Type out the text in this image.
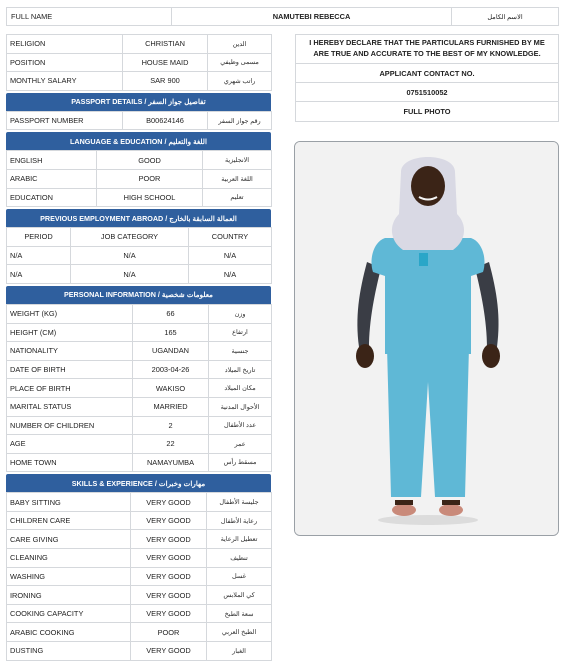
FULL NAME	NAMUTEBI REBECCA	الاسم الكامل
RELIGION	CHRISTIAN	الدين
POSITION	HOUSE MAID	مسمى وظيفي
MONTHLY SALARY	SAR 900	راتب شهري
PASSPORT DETAILS / تفاصيل جواز السفر
PASSPORT NUMBER	B00624146	رقم جواز السفر
LANGUAGE & EDUCATION / اللغة والتعليم
ENGLISH	GOOD	الانجليزية
ARABIC	POOR	اللغة العربية
EDUCATION	HIGH SCHOOL	تعليم
PREVIOUS EMPLOYMENT ABROAD / العمالة السابقة بالخارج
PERIOD	JOB CATEGORY	COUNTRY
N/A	N/A	N/A
N/A	N/A	N/A
PERSONAL INFORMATION / معلومات شخصية
WEIGHT (KG)	66	وزن
HEIGHT (CM)	165	ارتفاع
NATIONALITY	UGANDAN	جنسية
DATE OF BIRTH	2003-04-26	تاريخ الميلاد
PLACE OF BIRTH	WAKISO	مكان الميلاد
MARITAL STATUS	MARRIED	الأحوال المدنية
NUMBER OF CHILDREN	2	عدد الأطفال
AGE	22	عمر
HOME TOWN	NAMAYUMBA	مسقط رأس
SKILLS & EXPERIENCE / مهارات وخبرات
BABY SITTING	VERY GOOD	جليسة الأطفال
CHILDREN CARE	VERY GOOD	رعاية الأطفال
CARE GIVING	VERY GOOD	تعطيل الرعاية
CLEANING	VERY GOOD	تنظيف
WASHING	VERY GOOD	غسل
IRONING	VERY GOOD	كي الملابس
COOKING CAPACITY	VERY GOOD	سعة الطبخ
ARABIC COOKING	POOR	الطبخ العربي
DUSTING	VERY GOOD	الغبار
I HEREBY DECLARE THAT THE PARTICULARS FURNISHED BY ME ARE TRUE AND ACCURATE TO THE BEST OF MY KNOWLEDGE.
APPLICANT CONTACT NO.
0751510052
FULL PHOTO
